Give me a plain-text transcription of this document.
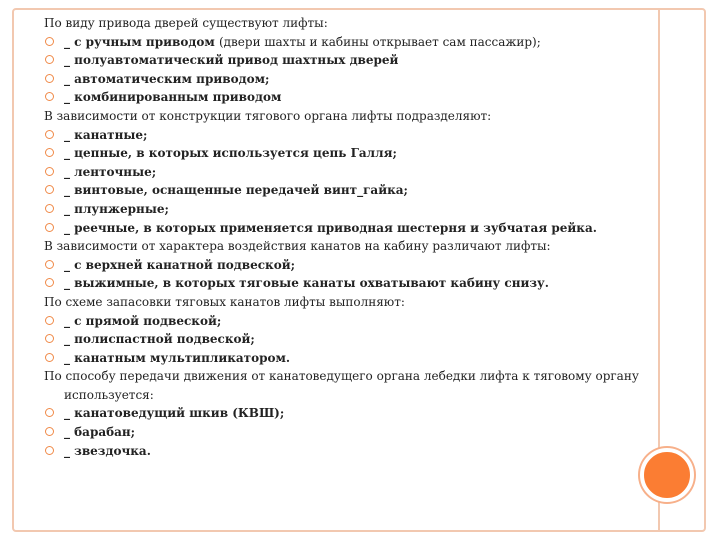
По виду привода дверей существуют лифты:
_ с ручным приводом (двери шахты и кабины открывает сам пассажир);
_ полуавтоматический привод шахтных дверей
_ автоматическим приводом;
_ комбинированным приводом
В зависимости от конструкции тягового органа лифты подразделяют:
_ канатные;
_ цепные, в которых используется цепь Галля;
_ ленточные;
_ винтовые, оснащенные передачей винт_гайка;
_ плунжерные;
_ реечные, в которых применяется приводная шестерня и зубчатая рейка.
В зависимости от характера воздействия канатов на кабину различают лифты:
_ с верхней канатной подвеской;
_ выжимные, в которых тяговые канаты охватывают кабину снизу.
По схеме запасовки тяговых канатов лифты выполняют:
_ с прямой подвеской;
_ полиспастной подвеской;
_ канатным мультипликатором.
По способу передачи движения от канатоведущего органа лебедки лифта к тяговому органу используется:
_ канатоведущий шкив (КВШ);
_ барабан;
_ звездочка.
